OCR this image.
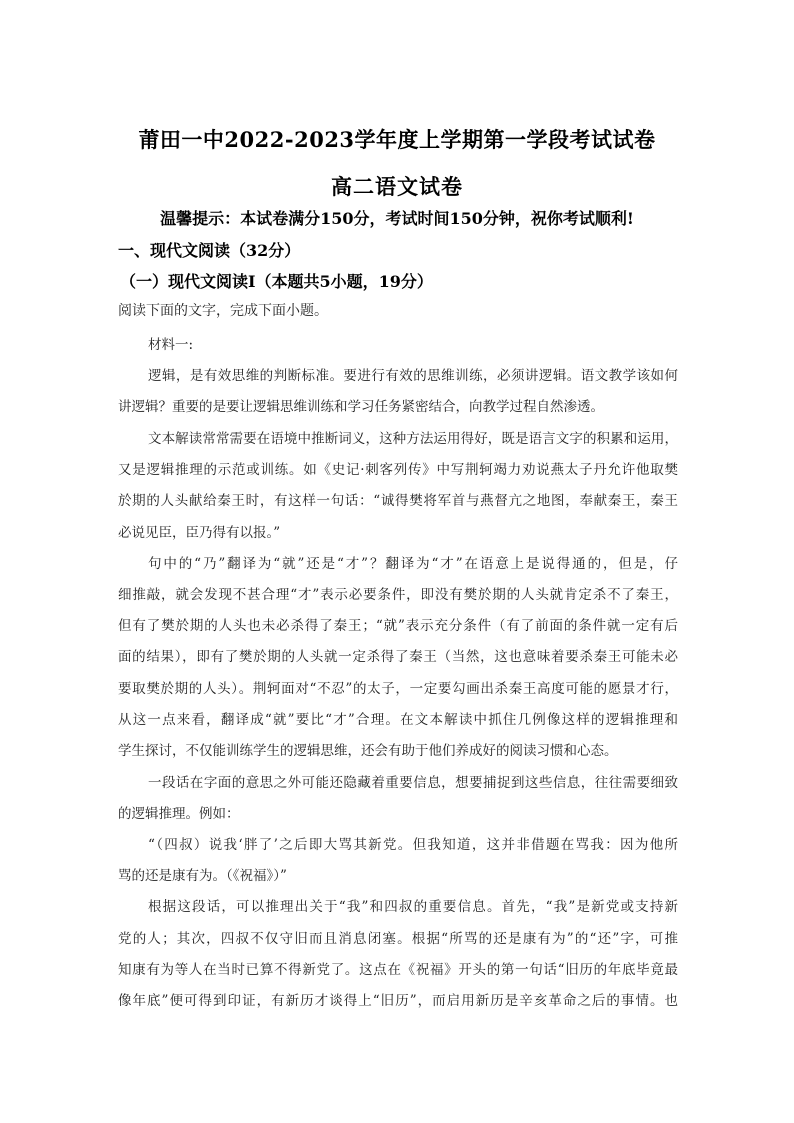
莆田一中2022-2023学年度上学期第一学段考试试卷
高二语文试卷
温馨提示：本试卷满分150分，考试时间150分钟，祝你考试顺利!
一、现代文阅读（32分）
（一）现代文阅读Ⅰ（本题共5小题，19分）
阅读下面的文字，完成下面小题。
材料一:
逻辑，是有效思维的判断标准。要进行有效的思维训练，必须讲逻辑。语文教学该如何
讲逻辑？重要的是要让逻辑思维训练和学习任务紧密结合，向教学过程自然渗透。
文本解读常常需要在语境中推断词义，这种方法运用得好，既是语言文字的积累和运用，
又是逻辑推理的示范或训练。如《史记·刺客列传》中写荆轲竭力劝说燕太子丹允许他取樊
於期的人头献给秦王时，有这样一句话：“诚得樊将军首与燕督亢之地图，奉献秦王，秦王
必说见臣，臣乃得有以报。”
句中的“乃”翻译为“就”还是“才”？翻译为“才”在语意上是说得通的，但是，仔
细推敲，就会发现不甚合理“才”表示必要条件，即没有樊於期的人头就肯定杀不了秦王，
但有了樊於期的人头也未必杀得了秦王；“就”表示充分条件（有了前面的条件就一定有后
面的结果），即有了樊於期的人头就一定杀得了秦王（当然，这也意味着要杀秦王可能未必
要取樊於期的人头）。荆轲面对“不忍”的太子，一定要勾画出杀秦王高度可能的愿景才行，
从这一点来看，翻译成“就”要比“才”合理。在文本解读中抓住几例像这样的逻辑推理和
学生探讨，不仅能训练学生的逻辑思维，还会有助于他们养成好的阅读习惯和心态。
一段话在字面的意思之外可能还隐藏着重要信息，想要捕捉到这些信息，往往需要细致
的逻辑推理。例如：
“（四叔）说我‘胖了’之后即大骂其新党。但我知道，这并非借题在骂我：因为他所
骂的还是康有为。（《祝福》）”
根据这段话，可以推理出关于“我”和四叔的重要信息。首先，“我”是新党或支持新
党的人；其次，四叔不仅守旧而且消息闭塞。根据“所骂的还是康有为”的“还”字，可推
知康有为等人在当时已算不得新党了。这点在《祝福》开头的第一句话“旧历的年底毕竟最
像年底”便可得到印证，有新历才谈得上“旧历”，而启用新历是辛亥革命之后的事情。也
